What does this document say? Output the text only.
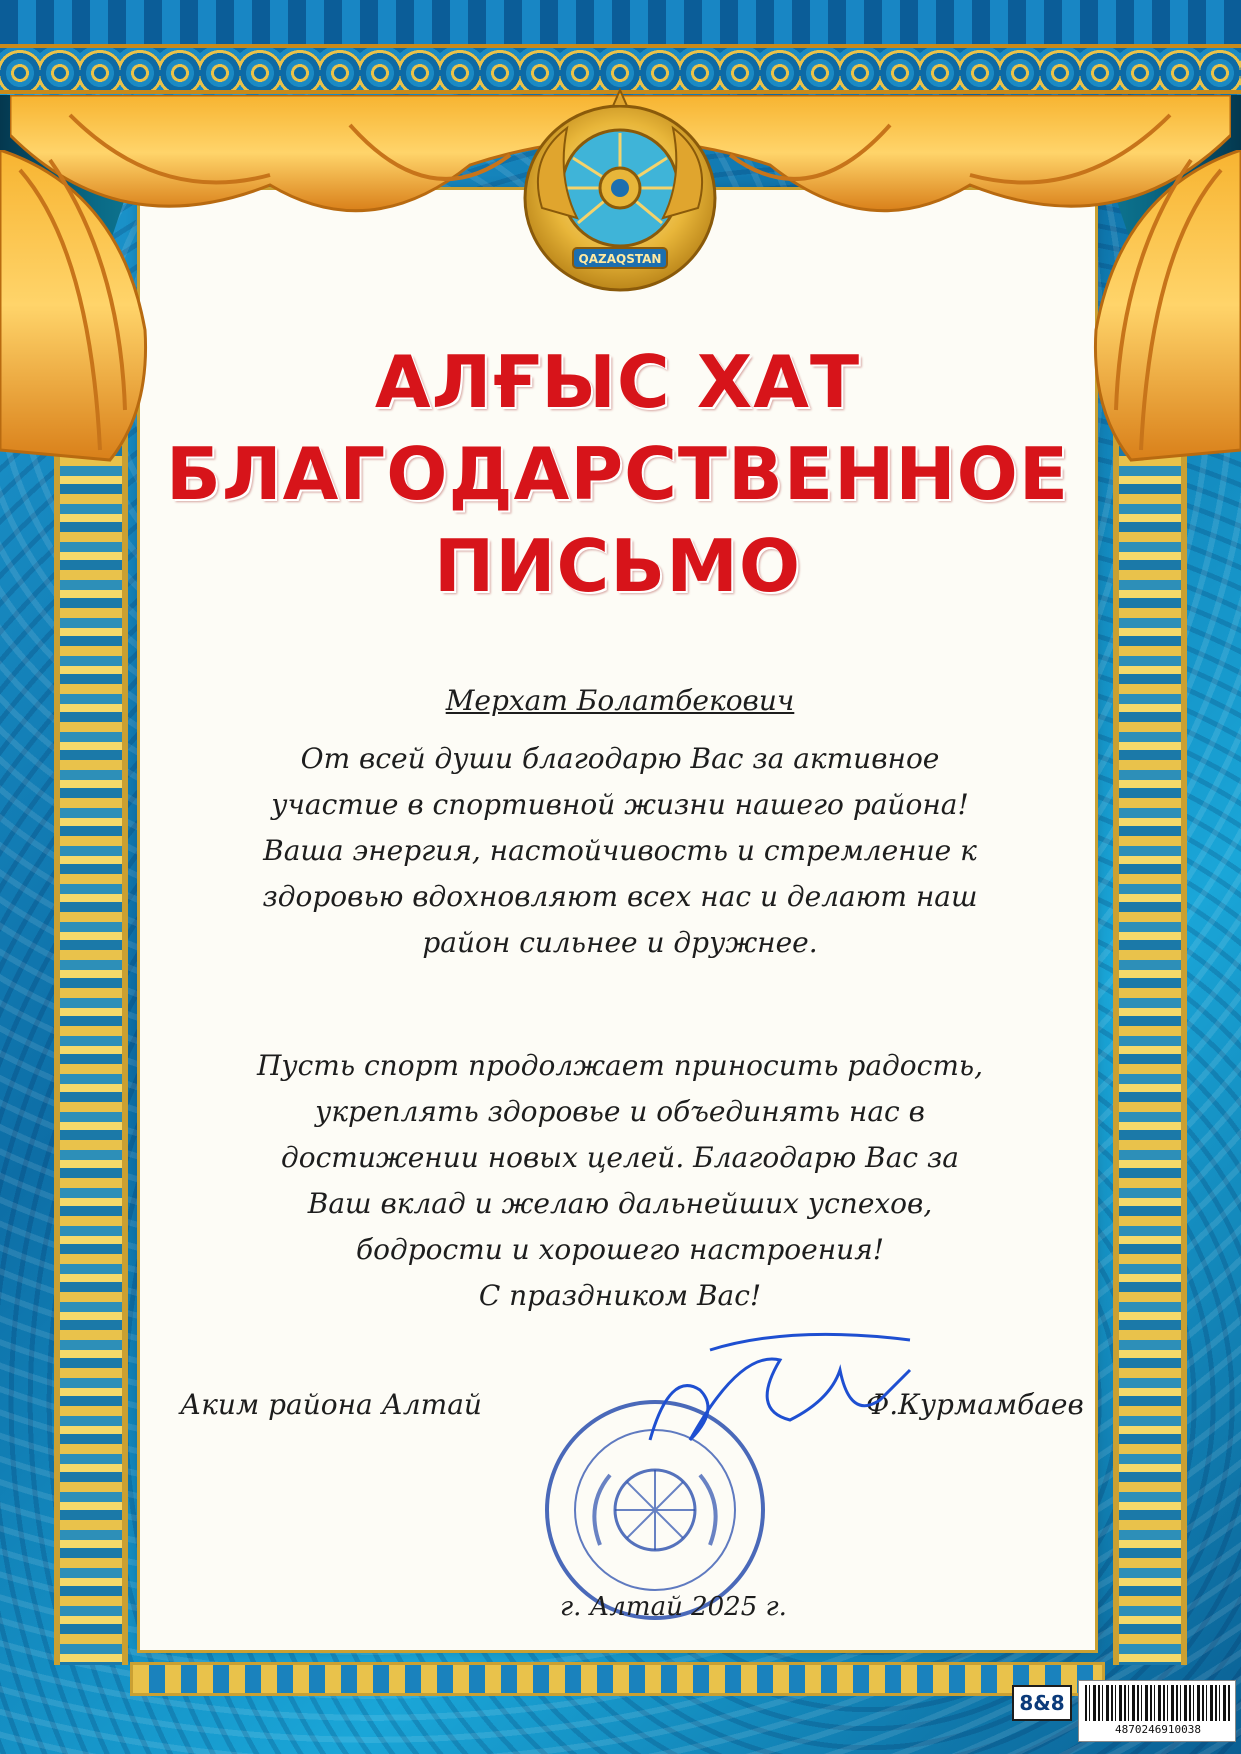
QAZAQSTAN
АЛҒЫС ХАТ
БЛАГОДАРСТВЕННОЕ
ПИСЬМО

Мерхат Болатбекович

От всей души благодарю Вас за активное участие в спортивной жизни нашего района! Ваша энергия, настойчивость и стремление к здоровью вдохновляют всех нас и делают наш район сильнее и дружнее.

Пусть спорт продолжает приносить радость, укреплять здоровье и объединять нас в достижении новых целей. Благодарю Вас за Ваш вклад и желаю дальнейших успехов, бодрости и хорошего настроения!

С праздником Вас!

Аким района Алтай	Ф.Курмамбаев

г. Алтай 2025 г.

8&8
4870246910038
